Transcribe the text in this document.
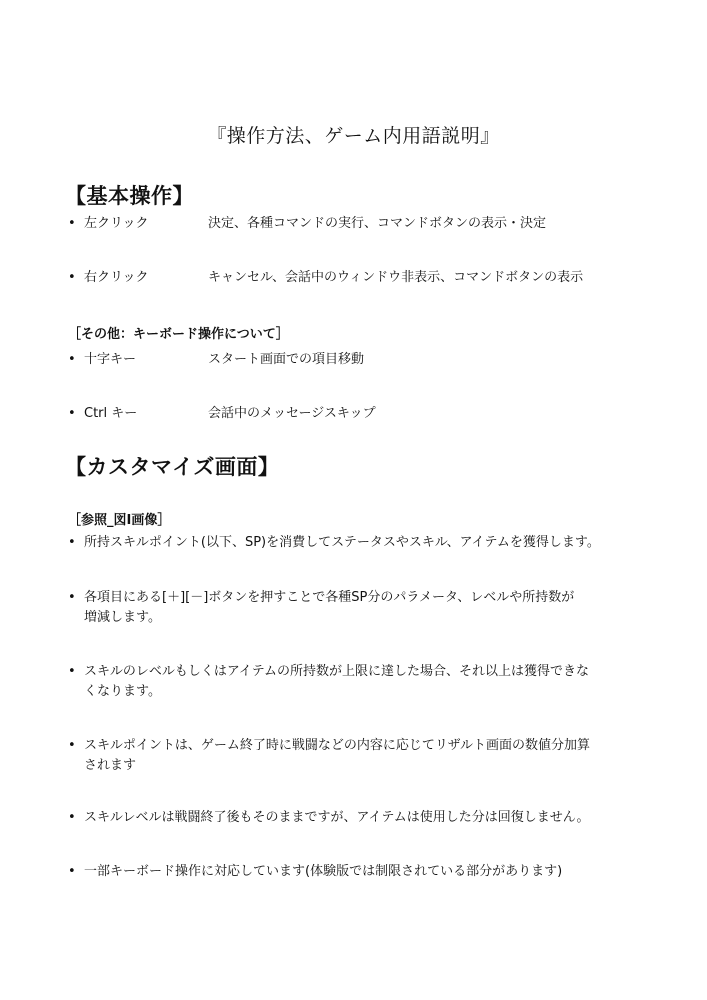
『操作方法、ゲーム内用語説明』
【基本操作】
• 左クリック	決定、各種コマンドの実行、コマンドボタンの表示・決定
• 右クリック	キャンセル、会話中のウィンドウ非表示、コマンドボタンの表示
［その他：キーボード操作について］
• 十字キー	スタート画面での項目移動
• Ctrl キー	会話中のメッセージスキップ
【カスタマイズ画面】
［参照_図Ⅰ画像］
• 所持スキルポイント(以下、SP)を消費してステータスやスキル、アイテムを獲得します。
• 各項目にある[＋][－]ボタンを押すことで各種SP分のパラメータ、レベルや所持数が
増減します。
• スキルのレベルもしくはアイテムの所持数が上限に達した場合、それ以上は獲得できな
くなります。
• スキルポイントは、ゲーム終了時に戦闘などの内容に応じてリザルト画面の数値分加算
されます
• スキルレベルは戦闘終了後もそのままですが、アイテムは使用した分は回復しません。
• 一部キーボード操作に対応しています(体験版では制限されている部分があります)
